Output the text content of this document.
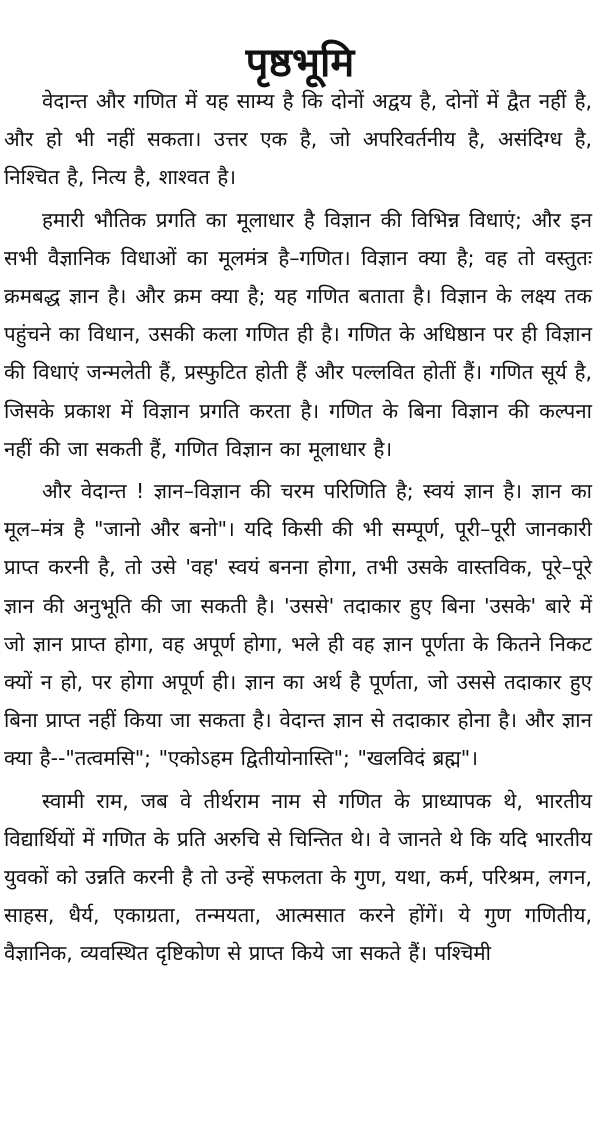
पृष्ठभूमि

वेदान्त और गणित में यह साम्य है कि दोनों अद्वय है, दोनों में द्वैत नहीं है, और हो भी नहीं सकता। उत्तर एक है, जो अपरिवर्तनीय है, असंदिग्ध है, निश्चित है, नित्य है, शाश्वत है।

हमारी भौतिक प्रगति का मूलाधार है विज्ञान की विभिन्न विधाएं; और इन सभी वैज्ञानिक विधाओं का मूलमंत्र है–गणित। विज्ञान क्या है; वह तो वस्तुतः क्रमबद्ध ज्ञान है। और क्रम क्या है; यह गणित बताता है। विज्ञान के लक्ष्य तक पहुंचने का विधान, उसकी कला गणित ही है। गणित के अधिष्ठान पर ही विज्ञान की विधाएं जन्मलेती हैं, प्रस्फुटित होती हैं और पल्लवित होतीं हैं। गणित सूर्य है, जिसके प्रकाश में विज्ञान प्रगति करता है। गणित के बिना विज्ञान की कल्पना नहीं की जा सकती हैं, गणित विज्ञान का मूलाधार है।

और वेदान्त ! ज्ञान–विज्ञान की चरम परिणिति है; स्वयं ज्ञान है। ज्ञान का मूल–मंत्र है "जानो और बनो"। यदि किसी की भी सम्पूर्ण, पूरी–पूरी जानकारी प्राप्त करनी है, तो उसे 'वह' स्वयं बनना होगा, तभी उसके वास्तविक, पूरे–पूरे ज्ञान की अनुभूति की जा सकती है। 'उससे' तदाकार हुए बिना 'उसके' बारे में जो ज्ञान प्राप्त होगा, वह अपूर्ण होगा, भले ही वह ज्ञान पूर्णता के कितने निकट क्यों न हो, पर होगा अपूर्ण ही। ज्ञान का अर्थ है पूर्णता, जो उससे तदाकार हुए बिना प्राप्त नहीं किया जा सकता है। वेदान्त ज्ञान से तदाकार होना है। और ज्ञान क्या है--"तत्वमसि"; "एकोऽहम द्वितीयोनास्ति"; "खलविदं ब्रह्म"।

स्वामी राम, जब वे तीर्थराम नाम से गणित के प्राध्यापक थे, भारतीय विद्यार्थियों में गणित के प्रति अरुचि से चिन्तित थे। वे जानते थे कि यदि भारतीय युवकों को उन्नति करनी है तो उन्हें सफलता के गुण, यथा, कर्म, परिश्रम, लगन, साहस, धैर्य, एकाग्रता, तन्मयता, आत्मसात करने होंगें। ये गुण गणितीय, वैज्ञानिक, व्यवस्थित दृष्टिकोण से प्राप्त किये जा सकते हैं। पश्चिमी
